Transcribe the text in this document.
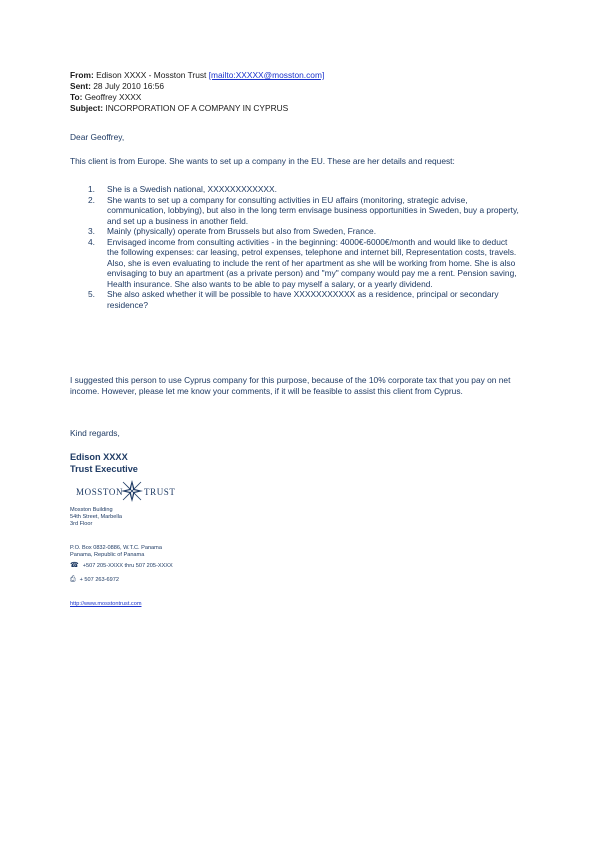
From: Edison XXXX - Mosston Trust [mailto:XXXXX@mosston.com]
Sent: 28 July 2010 16:56
To: Geoffrey XXXX
Subject: INCORPORATION OF A COMPANY IN CYPRUS
Dear Geoffrey,
This client is from Europe. She wants to set up a company in the EU. These are her details and request:
1. She is a Swedish national, XXXXXXXXXXXX.
2. She wants to set up a company for consulting activities in EU affairs (monitoring, strategic advise, communication, lobbying), but also in the long term envisage business opportunities in Sweden, buy a property, and set up a business in another field.
3. Mainly (physically) operate from Brussels but also from Sweden, France.
4. Envisaged income from consulting activities - in the beginning: 4000€-6000€/month and would like to deduct the following expenses: car leasing, petrol expenses, telephone and internet bill, Representation costs, travels. Also, she is even evaluating to include the rent of her apartment as she will be working from home. She is also envisaging to buy an apartment (as a private person) and "my" company would pay me a rent. Pension saving, Health insurance. She also wants to be able to pay myself a salary, or a yearly dividend.
5. She also asked whether it will be possible to have XXXXXXXXXXX as a residence, principal or secondary residence?
I suggested this person to use Cyprus company for this purpose, because of the 10% corporate tax that you pay on net income. However, please let me know your comments, if it will be feasible to assist this client from Cyprus.
Kind regards,
Edison XXXX
Trust Executive
MOSSTON TRUST
Mosston Building
54th Street, Marbella
3rd Floor
P.O. Box 0832-0886, W.T.C. Panama
Panama, Republic of Panama
☎ +507 205-XXXX thru 507 205-XXXX
⎙ + 507 263-6972
http://www.mosstontrust.com
